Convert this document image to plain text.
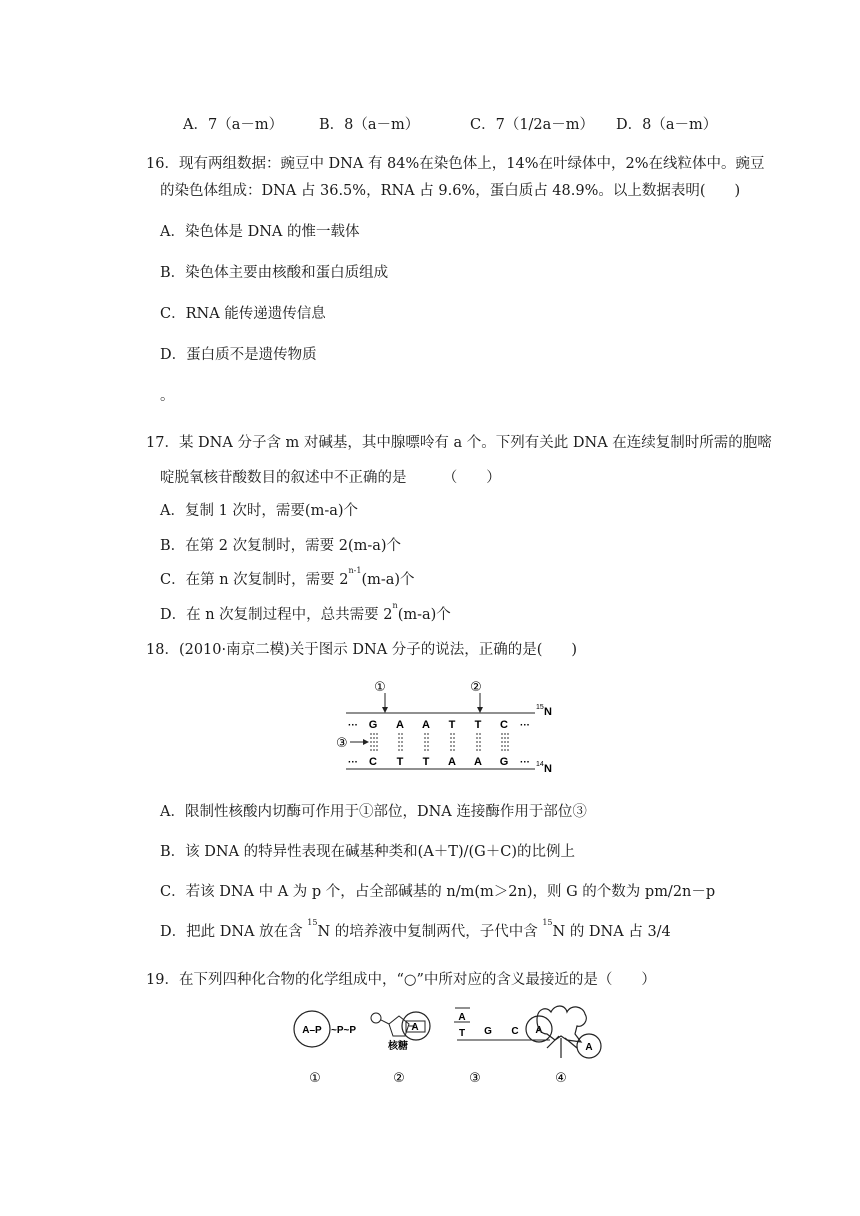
A．7（a－m） B．8（a－m）	C．7（1/2a－m） D．8（a－m）
16．现有两组数据：豌豆中 DNA 有 84%在染色体上，14%在叶绿体中，2%在线粒体中。豌豆
的染色体组成：DNA 占 36.5%，RNA 占 9.6%，蛋白质占 48.9%。以上数据表明(　　)
A．染色体是 DNA 的惟一载体
B．染色体主要由核酸和蛋白质组成
C．RNA 能传递遗传信息
D．蛋白质不是遗传物质
。
17．某 DNA 分子含 m 对碱基，其中腺嘌呤有 a 个。下列有关此 DNA 在连续复制时所需的胞嘧
啶脱氧核苷酸数目的叙述中不正确的是　　　（　　）
A．复制 1 次时，需要(m-a)个
B．在第 2 次复制时，需要 2(m-a)个
C．在第 n 次复制时，需要 2$^{n-1}$(m-a)个
D．在 n 次复制过程中，总共需要 2$^n$(m-a)个
18．(2010·南京二模)关于图示 DNA 分子的说法，正确的是(　　)
①	②
··· G A A T T C ···
15 N
③
··· C T T A A G ··· 14 N
A．限制性核酸内切酶可作用于①部位，DNA 连接酶作用于部位③
B．该 DNA 的特异性表现在碱基种类和(A＋T)/(G＋C)的比例上
C．若该 DNA 中 A 为 p 个，占全部碱基的 n/m(m＞2n)，则 G 的个数为 pm/2n－p
D．把此 DNA 放在含 $^{15}$N 的培养液中复制两代，子代中含 $^{15}$N 的 DNA 占 3/4
19．在下列四种化合物的化学组成中，“○”中所对应的含义最接近的是（　　）
A–P ~P~P	A
核糖
A
T G C A
A
①	②	③	④
